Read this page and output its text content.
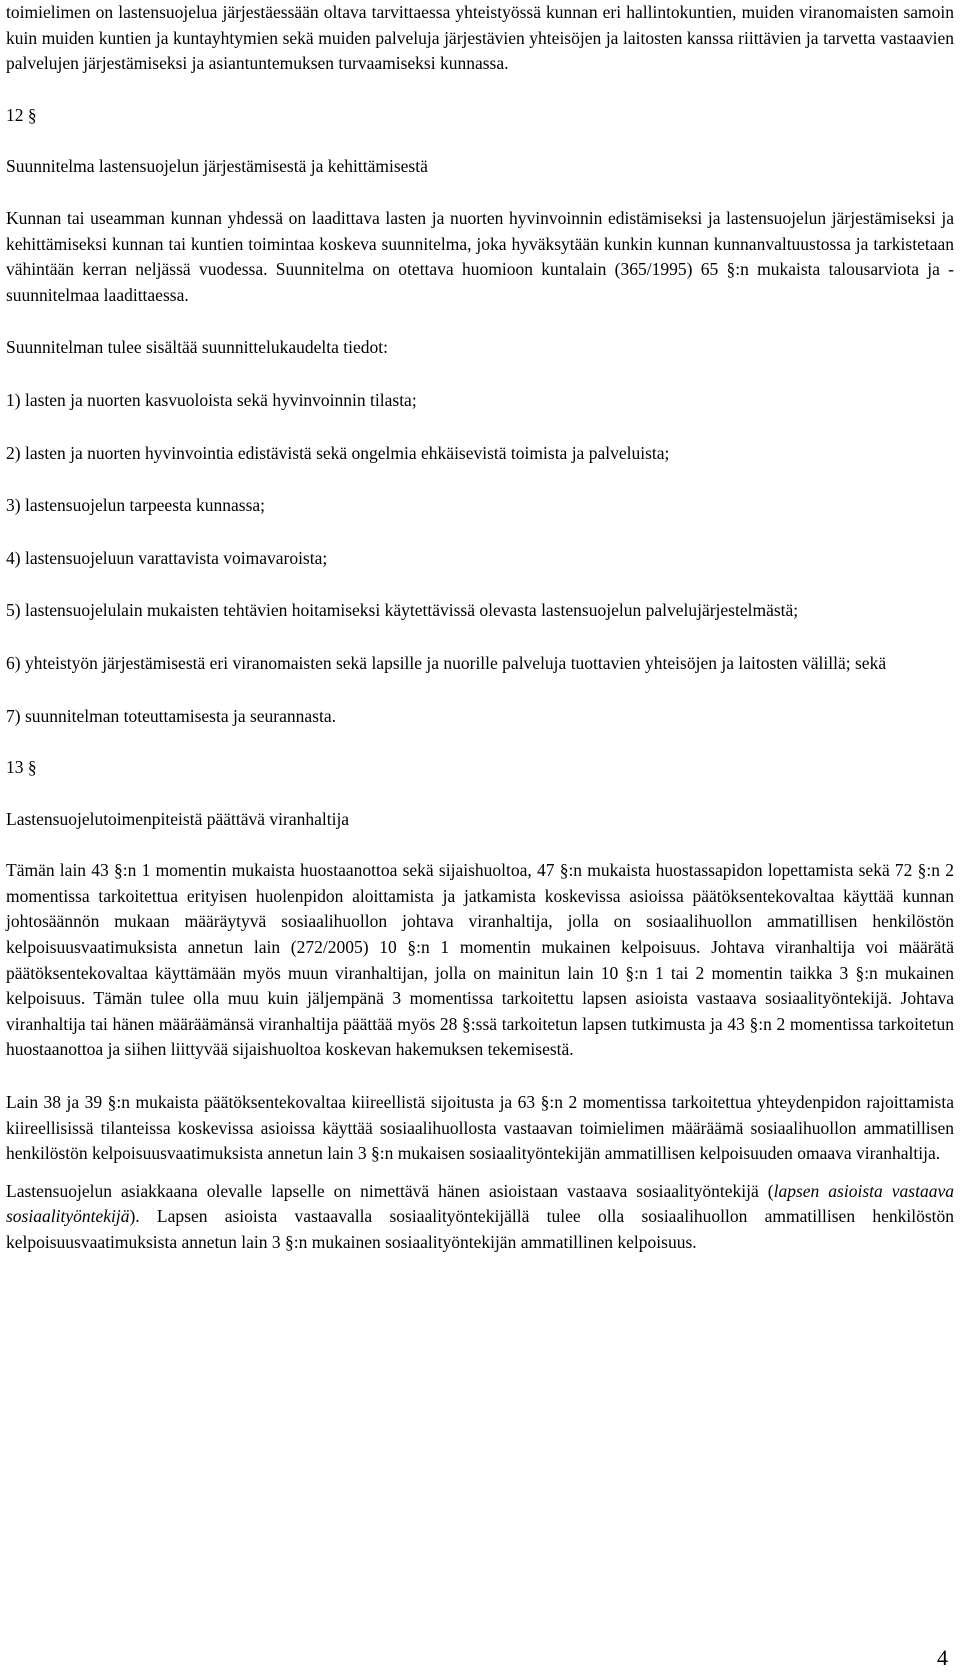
toimielimen on lastensuojelua järjestäessään oltava tarvittaessa yhteistyössä kunnan eri hallintokuntien, muiden viranomaisten samoin kuin muiden kuntien ja kuntayhtymien sekä muiden palveluja järjestävien yhteisöjen ja laitosten kanssa riittävien ja tarvetta vastaavien palvelujen järjestämiseksi ja asiantuntemuksen turvaamiseksi kunnassa.

12 §

Suunnitelma lastensuojelun järjestämisestä ja kehittämisestä

Kunnan tai useamman kunnan yhdessä on laadittava lasten ja nuorten hyvinvoinnin edistämiseksi ja lastensuojelun järjestämiseksi ja kehittämiseksi kunnan tai kuntien toimintaa koskeva suunnitelma, joka hyväksytään kunkin kunnan kunnanvaltuustossa ja tarkistetaan vähintään kerran neljässä vuodessa. Suunnitelma on otettava huomioon kuntalain (365/1995) 65 §:n mukaista talousarviota ja -suunnitelmaa laadittaessa.

Suunnitelman tulee sisältää suunnittelukaudelta tiedot:

1) lasten ja nuorten kasvuoloista sekä hyvinvoinnin tilasta;

2) lasten ja nuorten hyvinvointia edistävistä sekä ongelmia ehkäisevistä toimista ja palveluista;

3) lastensuojelun tarpeesta kunnassa;

4) lastensuojeluun varattavista voimavaroista;

5) lastensuojelulain mukaisten tehtävien hoitamiseksi käytettävissä olevasta lastensuojelun palvelujärjestelmästä;

6) yhteistyön järjestämisestä eri viranomaisten sekä lapsille ja nuorille palveluja tuottavien yhteisöjen ja laitosten välillä; sekä

7) suunnitelman toteuttamisesta ja seurannasta.

13 §

Lastensuojelutoimenpiteistä päättävä viranhaltija

Tämän lain 43 §:n 1 momentin mukaista huostaanottoa sekä sijaishuoltoa, 47 §:n mukaista huostassapidon lopettamista sekä 72 §:n 2 momentissa tarkoitettua erityisen huolenpidon aloittamista ja jatkamista koskevissa asioissa päätöksentekovaltaa käyttää kunnan johtosäännön mukaan määräytyvä sosiaalihuollon johtava viranhaltija, jolla on sosiaalihuollon ammatillisen henkilöstön kelpoisuusvaatimuksista annetun lain (272/2005) 10 §:n 1 momentin mukainen kelpoisuus. Johtava viranhaltija voi määrätä päätöksentekovaltaa käyttämään myös muun viranhaltijan, jolla on mainitun lain 10 §:n 1 tai 2 momentin taikka 3 §:n mukainen kelpoisuus. Tämän tulee olla muu kuin jäljempänä 3 momentissa tarkoitettu lapsen asioista vastaava sosiaalityöntekijä. Johtava viranhaltija tai hänen määräämänsä viranhaltija päättää myös 28 §:ssä tarkoitetun lapsen tutkimusta ja 43 §:n 2 momentissa tarkoitetun huostaanottoa ja siihen liittyvää sijaishuoltoa koskevan hakemuksen tekemisestä.

Lain 38 ja 39 §:n mukaista päätöksentekovaltaa kiireellistä sijoitusta ja 63 §:n 2 momentissa tarkoitettua yhteydenpidon rajoittamista kiireellisissä tilanteissa koskevissa asioissa käyttää sosiaalihuollosta vastaavan toimielimen määräämä sosiaalihuollon ammatillisen henkilöstön kelpoisuusvaatimuksista annetun lain 3 §:n mukaisen sosiaalityöntekijän ammatillisen kelpoisuuden omaava viranhaltija.

Lastensuojelun asiakkaana olevalle lapselle on nimettävä hänen asioistaan vastaava sosiaalityöntekijä (lapsen asioista vastaava sosiaalityöntekijä). Lapsen asioista vastaavalla sosiaalityöntekijällä tulee olla sosiaalihuollon ammatillisen henkilöstön kelpoisuusvaatimuksista annetun lain 3 §:n mukainen sosiaalityöntekijän ammatillinen kelpoisuus.

4
